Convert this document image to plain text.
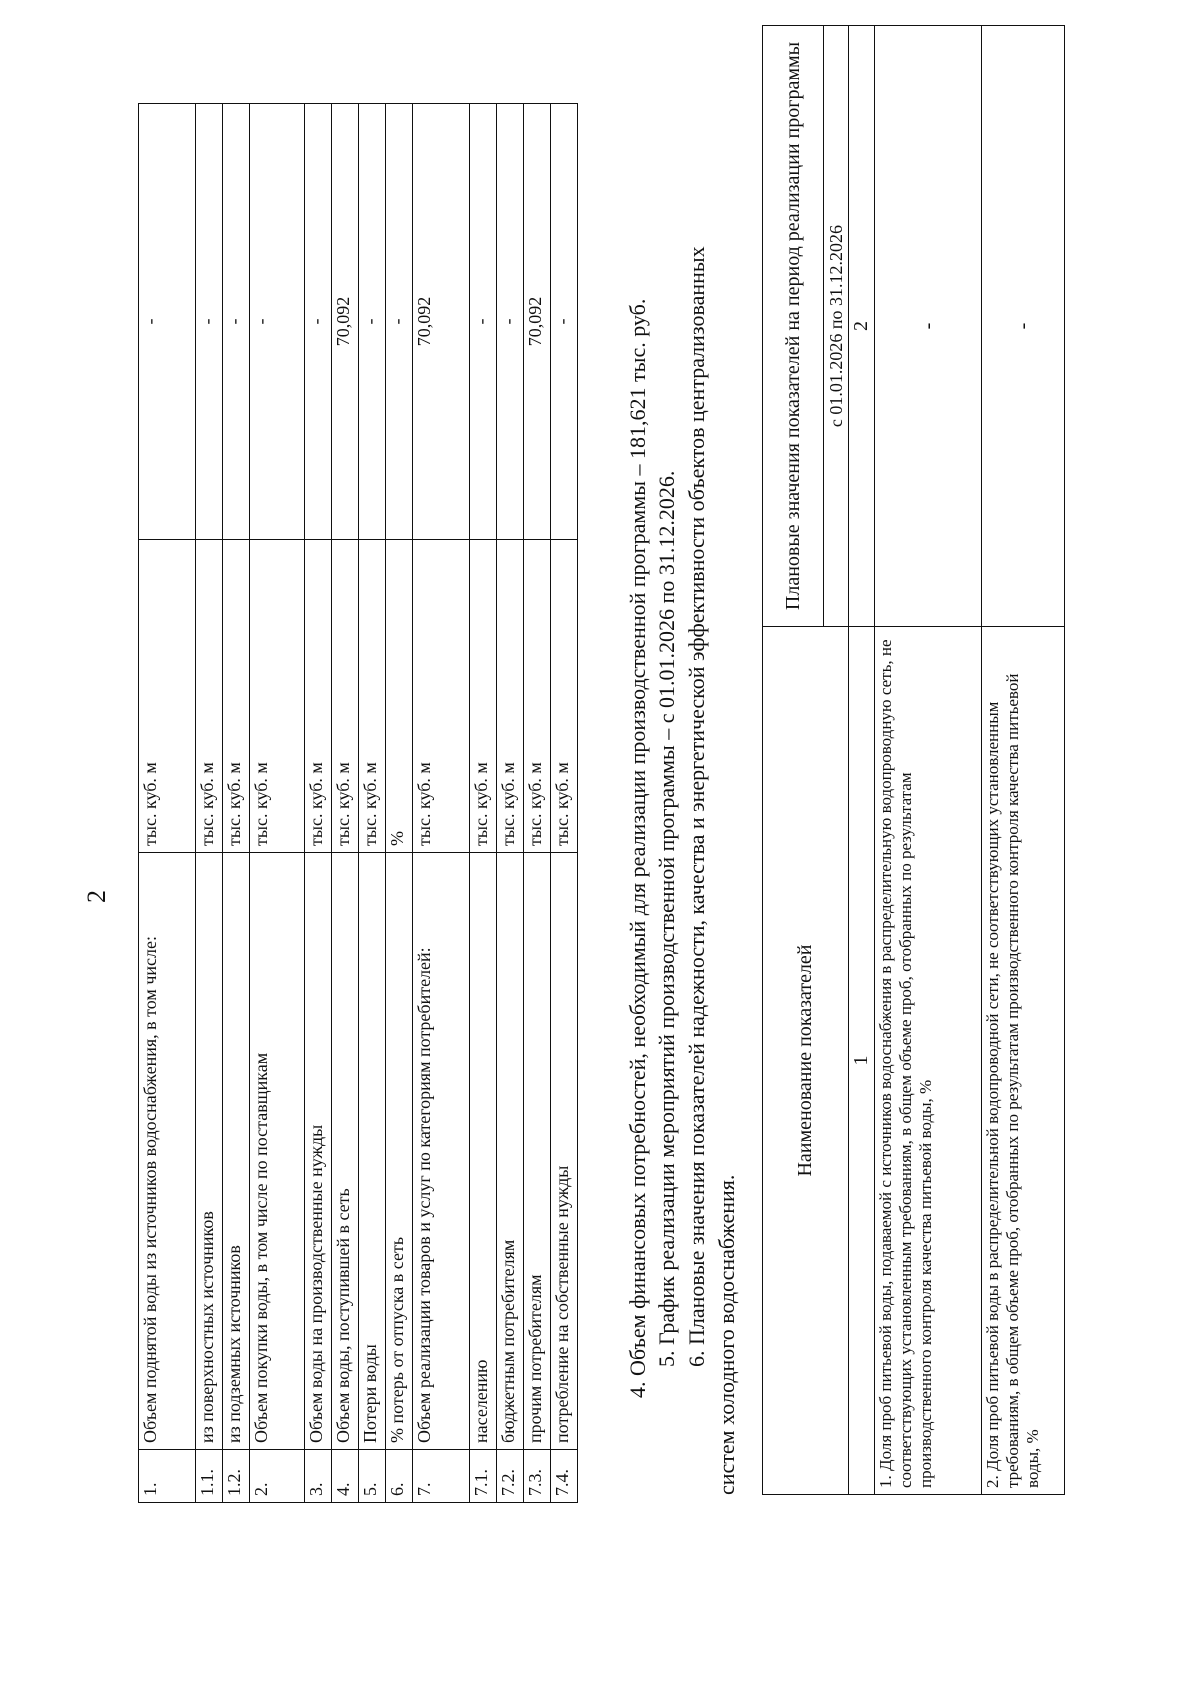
2
1.	Объем поднятой воды из источников водоснабжения, в том числе:	тыс. куб. м	-
1.1.	из поверхностных источников	тыс. куб. м	-
1.2.	из подземных источников	тыс. куб. м	-
2.	Объем покупки воды, в том числе по поставщикам	тыс. куб. м	-
3.	Объем воды на производственные нужды	тыс. куб. м	-
4.	Объем воды, поступившей в сеть	тыс. куб. м	70,092
5.	Потери воды	тыс. куб. м	-
6.	% потерь от отпуска в сеть	%	-
7.	Объем реализации товаров и услуг по категориям потребителей:	тыс. куб. м	70,092
7.1.	населению	тыс. куб. м	-
7.2.	бюджетным потребителям	тыс. куб. м	-
7.3.	прочим потребителям	тыс. куб. м	70,092
7.4.	потребление на собственные нужды	тыс. куб. м	- 4. Объем финансовых потребностей, необходимый для реализации производственной программы – 181,621 тыс. руб. 5. График реализации мероприятий производственной программы – с 01.01.2026 по 31.12.2026. 6. Плановые значения показателей надежности, качества и энергетической эффективности объектов централизованных систем холодного водоснабжения.
Наименование показателей	Плановые значения показателей на период реализации программы
	с 01.01.2026 по 31.12.2026
1	2
1. Доля проб питьевой воды, подаваемой с источников водоснабжения в распределительную водопроводную сеть, не соответствующих установленным требованиям, в общем объеме проб, отобранных по результатам производственного контроля качества питьевой воды, %	-
2. Доля проб питьевой воды в распределительной водопроводной сети, не соответствующих установленным требованиям, в общем объеме проб, отобранных по результатам производственного контроля качества питьевой воды, %	-
